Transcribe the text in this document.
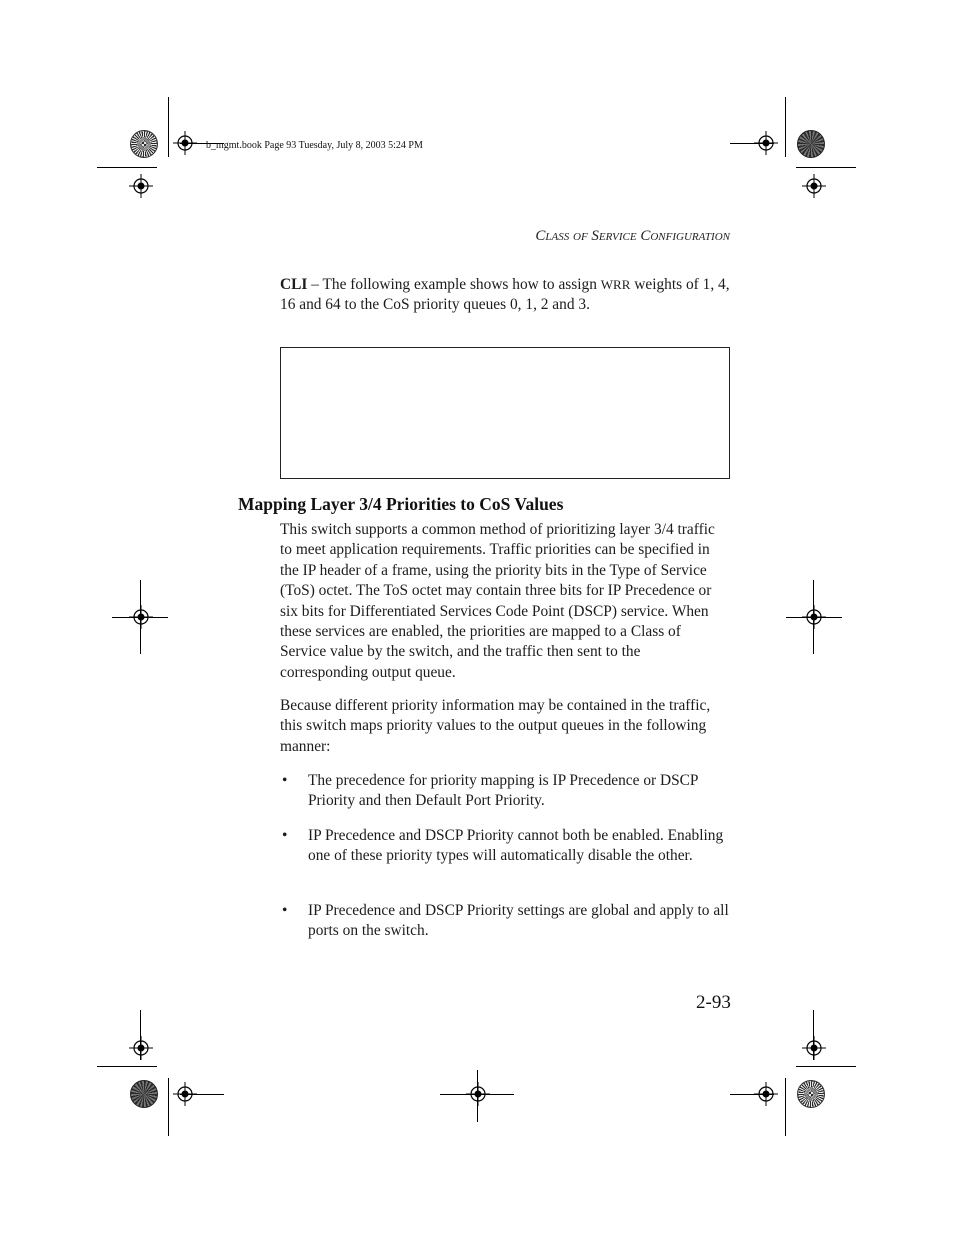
b_mgmt.book Page 93 Tuesday, July 8, 2003 5:24 PM
Class of Service Configuration
CLI – The following example shows how to assign WRR weights of 1, 4, 16 and 64 to the CoS priority queues 0, 1, 2 and 3.
Mapping Layer 3/4 Priorities to CoS Values
This switch supports a common method of prioritizing layer 3/4 traffic to meet application requirements. Traffic priorities can be specified in the IP header of a frame, using the priority bits in the Type of Service (ToS) octet. The ToS octet may contain three bits for IP Precedence or six bits for Differentiated Services Code Point (DSCP) service. When these services are enabled, the priorities are mapped to a Class of Service value by the switch, and the traffic then sent to the corresponding output queue.
Because different priority information may be contained in the traffic, this switch maps priority values to the output queues in the following manner:
• The precedence for priority mapping is IP Precedence or DSCP Priority and then Default Port Priority.
• IP Precedence and DSCP Priority cannot both be enabled. Enabling one of these priority types will automatically disable the other.
• IP Precedence and DSCP Priority settings are global and apply to all ports on the switch.
2-93
